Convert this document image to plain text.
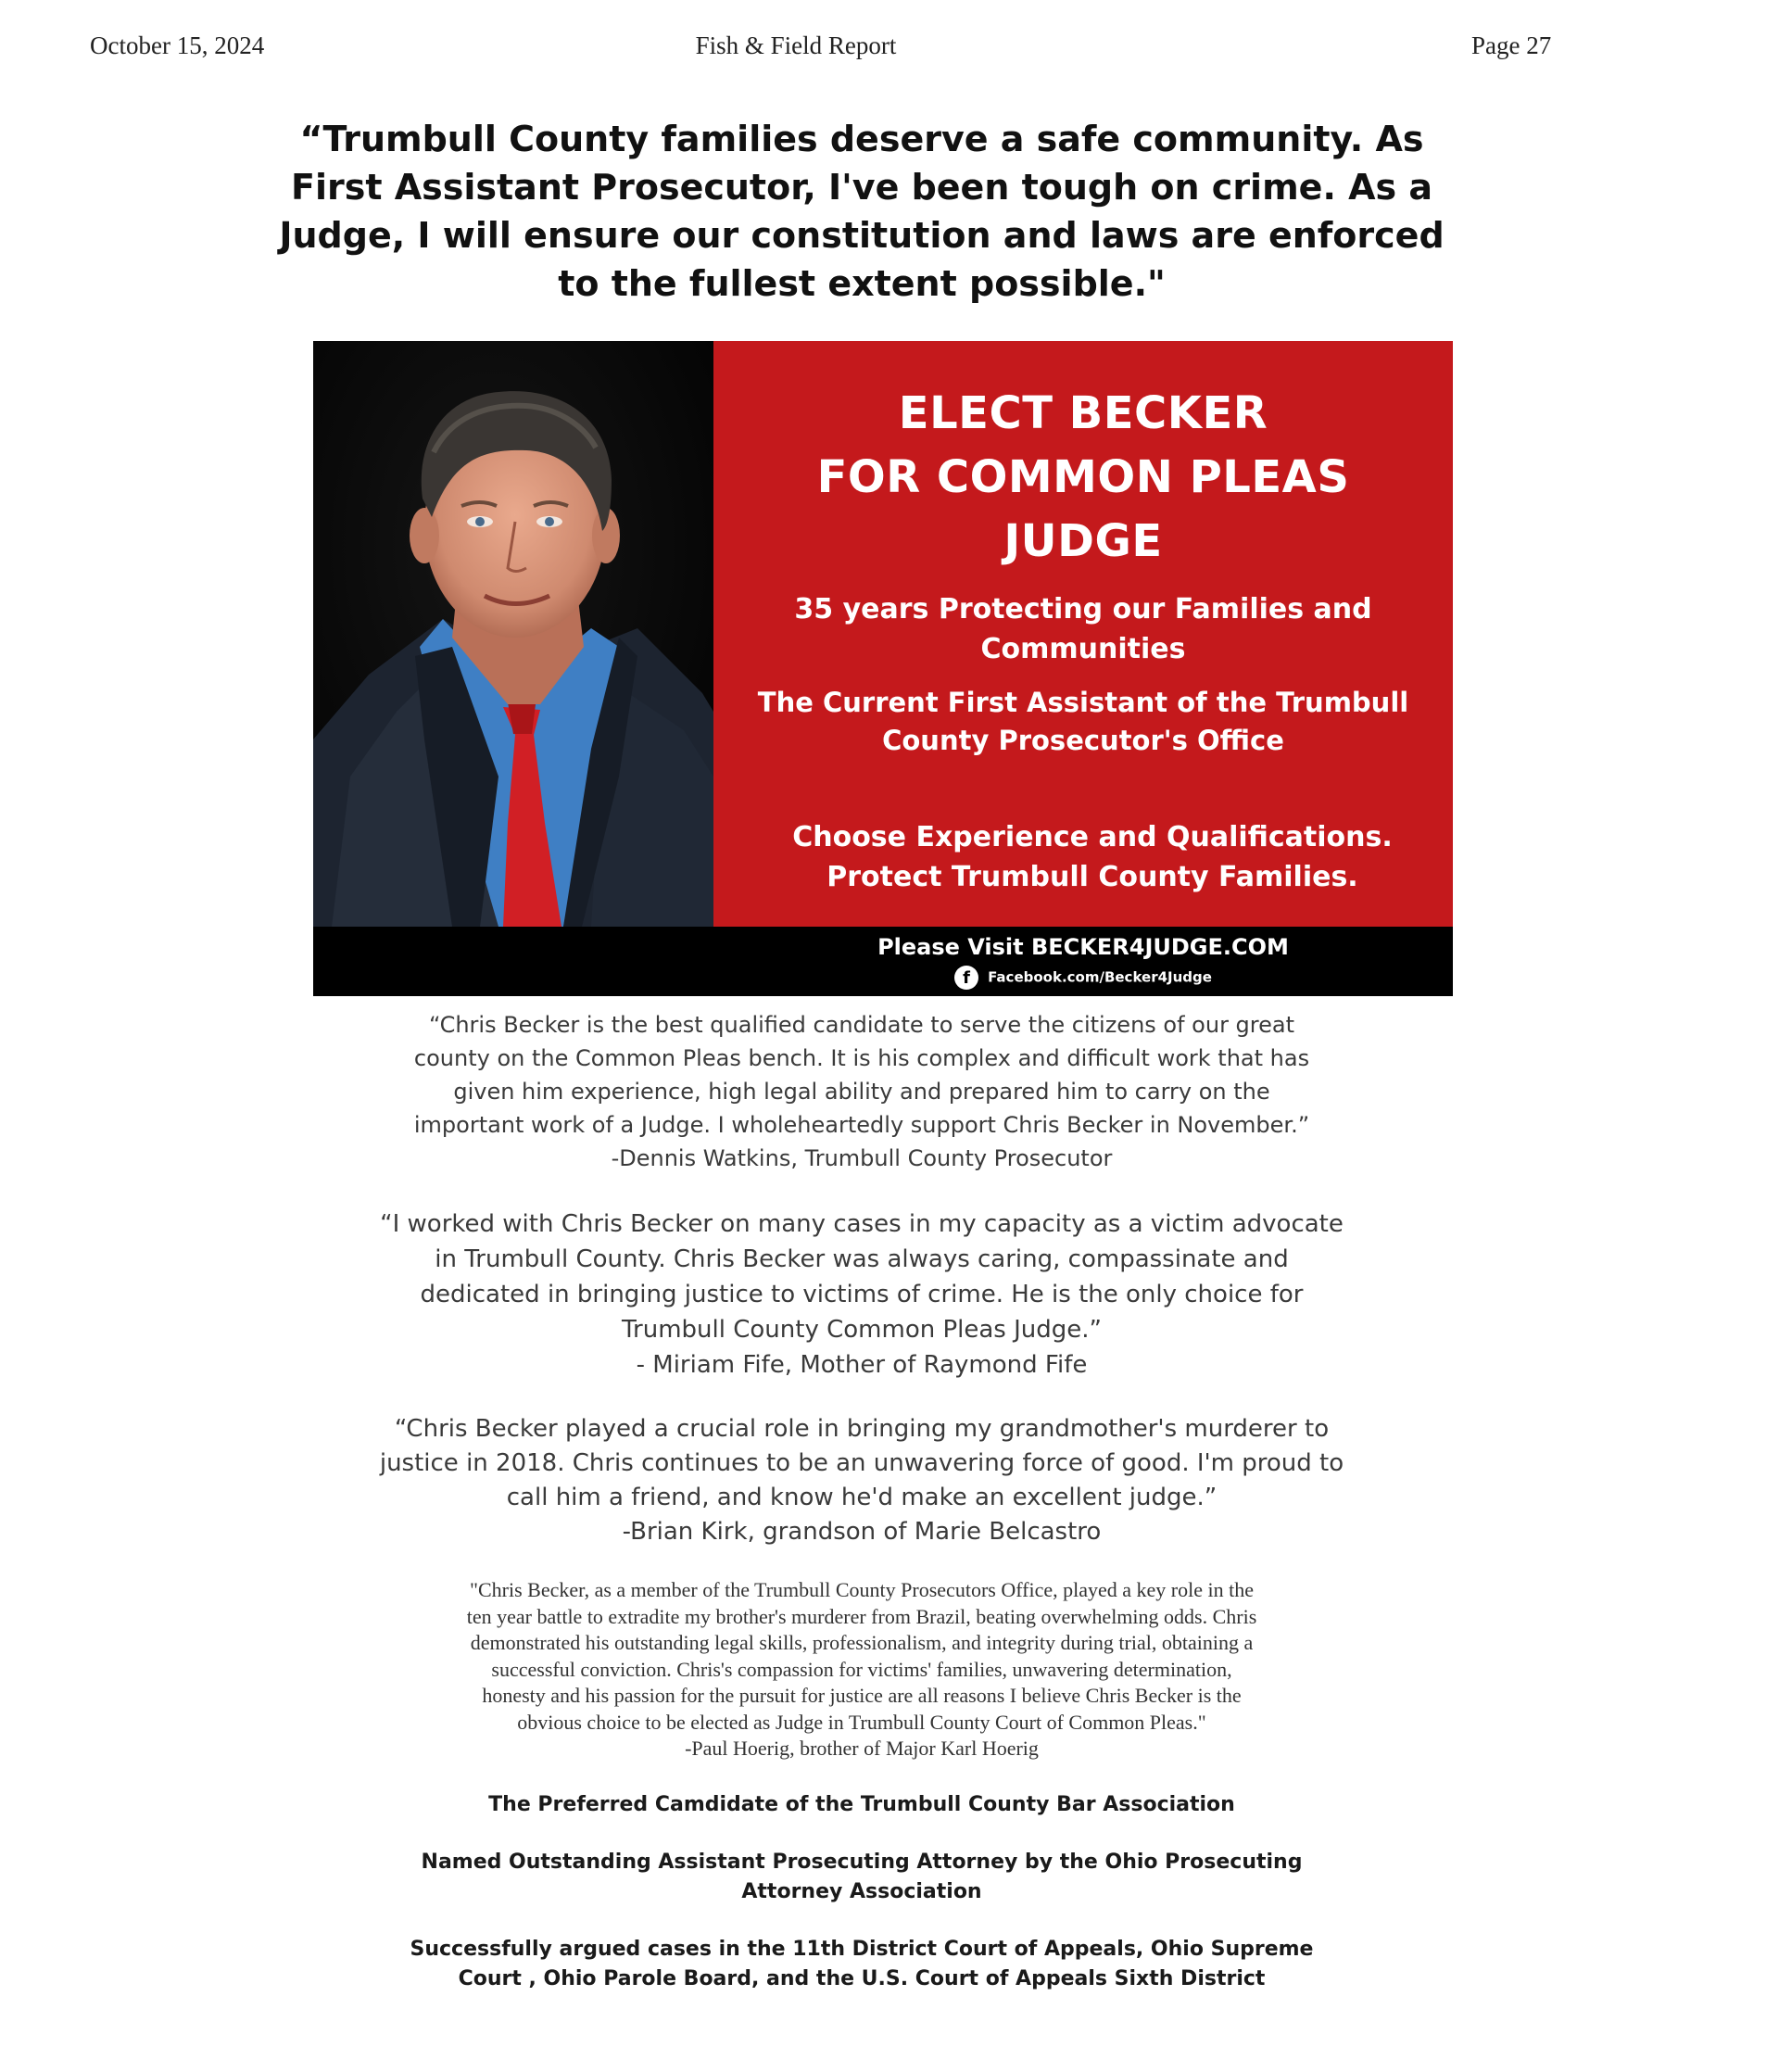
October 15, 2024	Fish & Field Report	Page 27
“Trumbull County families deserve a safe community. As First Assistant Prosecutor, I've been tough on crime. As a Judge, I will ensure our constitution and laws are enforced to the fullest extent possible."
ELECT BECKER
FOR COMMON PLEAS
JUDGE
35 years Protecting our Families and Communities
The Current First Assistant of the Trumbull County Prosecutor's Office
Choose Experience and Qualifications.
Protect Trumbull County Families.
Please Visit BECKER4JUDGE.COM
f Facebook.com/Becker4Judge

“Chris Becker is the best qualified candidate to serve the citizens of our great

county on the Common Pleas bench. It is his complex and difficult work that has

given him experience, high legal ability and prepared him to carry on the

important work of a Judge. I wholeheartedly support Chris Becker in November.”

-Dennis Watkins, Trumbull County Prosecutor

“I worked with Chris Becker on many cases in my capacity as a victim advocate

in Trumbull County. Chris Becker was always caring, compassinate and

dedicated in bringing justice to victims of crime. He is the only choice for

Trumbull County Common Pleas Judge.”

- Miriam Fife, Mother of Raymond Fife

“Chris Becker played a crucial role in bringing my grandmother's murderer to

justice in 2018. Chris continues to be an unwavering force of good. I'm proud to

call him a friend, and know he'd make an excellent judge.”

-Brian Kirk, grandson of Marie Belcastro

"Chris Becker, as a member of the Trumbull County Prosecutors Office, played a key role in the

ten year battle to extradite my brother's murderer from Brazil, beating overwhelming odds. Chris

demonstrated his outstanding legal skills, professionalism, and integrity during trial, obtaining a

successful conviction. Chris's compassion for victims' families, unwavering determination,

honesty and his passion for the pursuit for justice are all reasons I believe Chris Becker is the

obvious choice to be elected as Judge in Trumbull County Court of Common Pleas."

-Paul Hoerig, brother of Major Karl Hoerig

The Preferred Camdidate of the Trumbull County Bar Association
Named Outstanding Assistant Prosecuting Attorney by the Ohio Prosecuting Attorney Association
Successfully argued cases in the 11th District Court of Appeals, Ohio Supreme Court , Ohio Parole Board, and the U.S. Court of Appeals Sixth District
